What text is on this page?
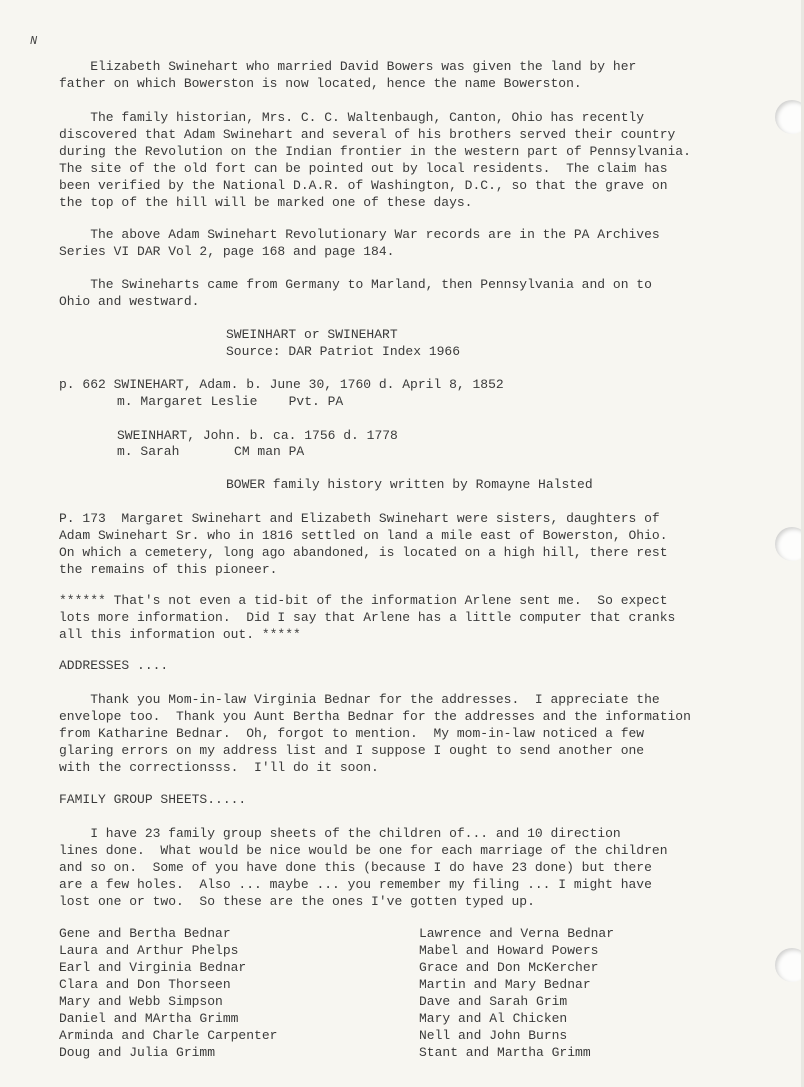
N
Elizabeth Swinehart who married David Bowers was given the land by her
father on which Bowerston is now located, hence the name Bowerston.
The family historian, Mrs. C. C. Waltenbaugh, Canton, Ohio has recently
discovered that Adam Swinehart and several of his brothers served their country
during the Revolution on the Indian frontier in the western part of Pennsylvania.
The site of the old fort can be pointed out by local residents.  The claim has
been verified by the National D.A.R. of Washington, D.C., so that the grave on
the top of the hill will be marked one of these days.
The above Adam Swinehart Revolutionary War records are in the PA Archives
Series VI DAR Vol 2, page 168 and page 184.
The Swineharts came from Germany to Marland, then Pennsylvania and on to
Ohio and westward.
SWEINHART or SWINEHART
Source: DAR Patriot Index 1966
p. 662 SWINEHART, Adam. b. June 30, 1760 d. April 8, 1852
m. Margaret Leslie    Pvt. PA
SWEINHART, John. b. ca. 1756 d. 1778
m. Sarah       CM man PA
BOWER family history written by Romayne Halsted
P. 173  Margaret Swinehart and Elizabeth Swinehart were sisters, daughters of
Adam Swinehart Sr. who in 1816 settled on land a mile east of Bowerston, Ohio.
On which a cemetery, long ago abandoned, is located on a high hill, there rest
the remains of this pioneer.
****** That's not even a tid-bit of the information Arlene sent me.  So expect
lots more information.  Did I say that Arlene has a little computer that cranks
all this information out. *****
ADDRESSES ....
Thank you Mom-in-law Virginia Bednar for the addresses.  I appreciate the
envelope too.  Thank you Aunt Bertha Bednar for the addresses and the information
from Katharine Bednar.  Oh, forgot to mention.  My mom-in-law noticed a few
glaring errors on my address list and I suppose I ought to send another one
with the correctionsss.  I'll do it soon.
FAMILY GROUP SHEETS.....
I have 23 family group sheets of the children of... and 10 direction
lines done.  What would be nice would be one for each marriage of the children
and so on.  Some of you have done this (because I do have 23 done) but there
are a few holes.  Also ... maybe ... you remember my filing ... I might have
lost one or two.  So these are the ones I've gotten typed up.
Gene and Bertha Bednar
Laura and Arthur Phelps
Earl and Virginia Bednar
Clara and Don Thorseen
Mary and Webb Simpson
Daniel and MArtha Grimm
Arminda and Charle Carpenter
Doug and Julia Grimm
Lawrence and Verna Bednar
Mabel and Howard Powers
Grace and Don McKercher
Martin and Mary Bednar
Dave and Sarah Grim
Mary and Al Chicken
Nell and John Burns
Stant and Martha Grimm
